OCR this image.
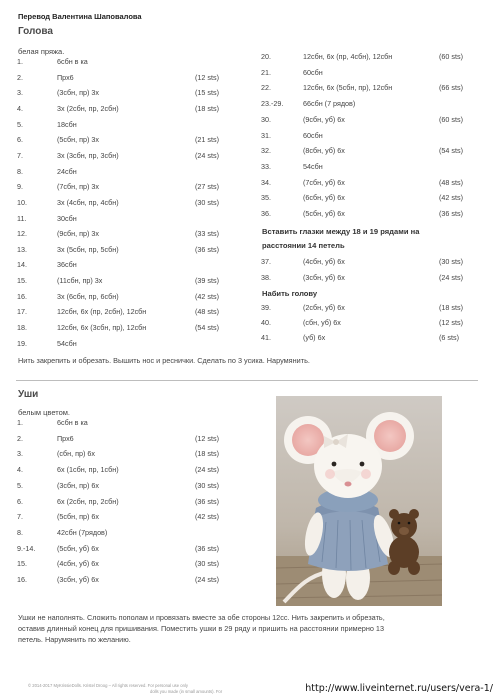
Перевод Валентина Шаповалова
Голова
белая пряжа.
1.	6сбн в ка
2.	Прх6	(12 sts)
3.	(3сбн, пр) 3х	(15 sts)
4.	3х (2сбн, пр, 2сбн)	(18 sts)
5.	18сбн
6.	(5сбн, пр) 3х	(21 sts)
7.	3х (3сбн, пр, 3сбн)	(24 sts)
8.	24сбн
9.	(7сбн, пр) 3х	(27 sts)
10.	3х (4сбн, пр, 4сбн)	(30 sts)
11.	30сбн
12.	(9сбн, пр) 3х	(33 sts)
13.	3х (5сбн, пр, 5сбн)	(36 sts)
14.	36сбн
15.	(11сбн, пр) 3х	(39 sts)
16.	3х (6сбн, пр, 6сбн)	(42 sts)
17.	12сбн, 6х (пр, 2сбн), 12сбн	(48 sts)
18.	12сбн, 6х (3сбн, пр), 12сбн	(54 sts)
19.	54сбн
20.	12сбн, 6х (пр, 4сбн), 12сбн	(60 sts)
21.	60сбн
22.	12сбн, 6х (5сбн, пр), 12сбн	(66 sts)
23.-29.	66сбн (7 рядов)
30.	(9сбн, уб) 6х	(60 sts)
31.	60сбн
32.	(8сбн, уб) 6х	(54 sts)
33.	54сбн
34.	(7сбн, уб) 6х	(48 sts)
35.	(6сбн, уб) 6х	(42 sts)
36.	(5сбн, уб) 6х	(36 sts)
Вставить глазки между 18 и 19 рядами на
расстоянии 14 петель
37.	(4сбн, уб) 6х	(30 sts)
38.	(3сбн, уб) 6х	(24 sts)
Набить голову
39.	(2сбн, уб) 6х	(18 sts)
40.	(сбн, уб) 6х	(12 sts)
41.	(уб) 6х	(6 sts)
Нить закрепить и обрезать. Вышить нос и реснички. Сделать по 3 усика. Нарумянить.
Уши
белым цветом.
1.	6сбн в ка
2.	Прх6	(12 sts)
3.	(сбн, пр) 6х	(18 sts)
4.	6х (1сбн, пр, 1сбн)	(24 sts)
5.	(3сбн, пр) 6х	(30 sts)
6.	6х (2сбн, пр, 2сбн)	(36 sts)
7.	(5сбн, пр) 6х	(42 sts)
8.	42сбн (7рядов)
9.-14.	(5сбн, уб) 6х	(36 sts)
15.	(4сбн, уб) 6х	(30 sts)
16.	(3сбн, уб) 6х	(24 sts)
Ушки не наполнять. Сложить пополам и провязать вместе за обе стороны 12сс. Нить закрепить и обрезать,
оставив длинный конец для пришивания. Поместить ушки в 29 ряду и пришить на расстоянии примерно 13
петель. Нарумянить по желанию.
© 2014-2017 MyKrissieDolls. Kristel Droog – All rights reserved. For personal use only
dolls you made (in small amounts). For	http://www.liveinternet.ru/users/vera-1/
